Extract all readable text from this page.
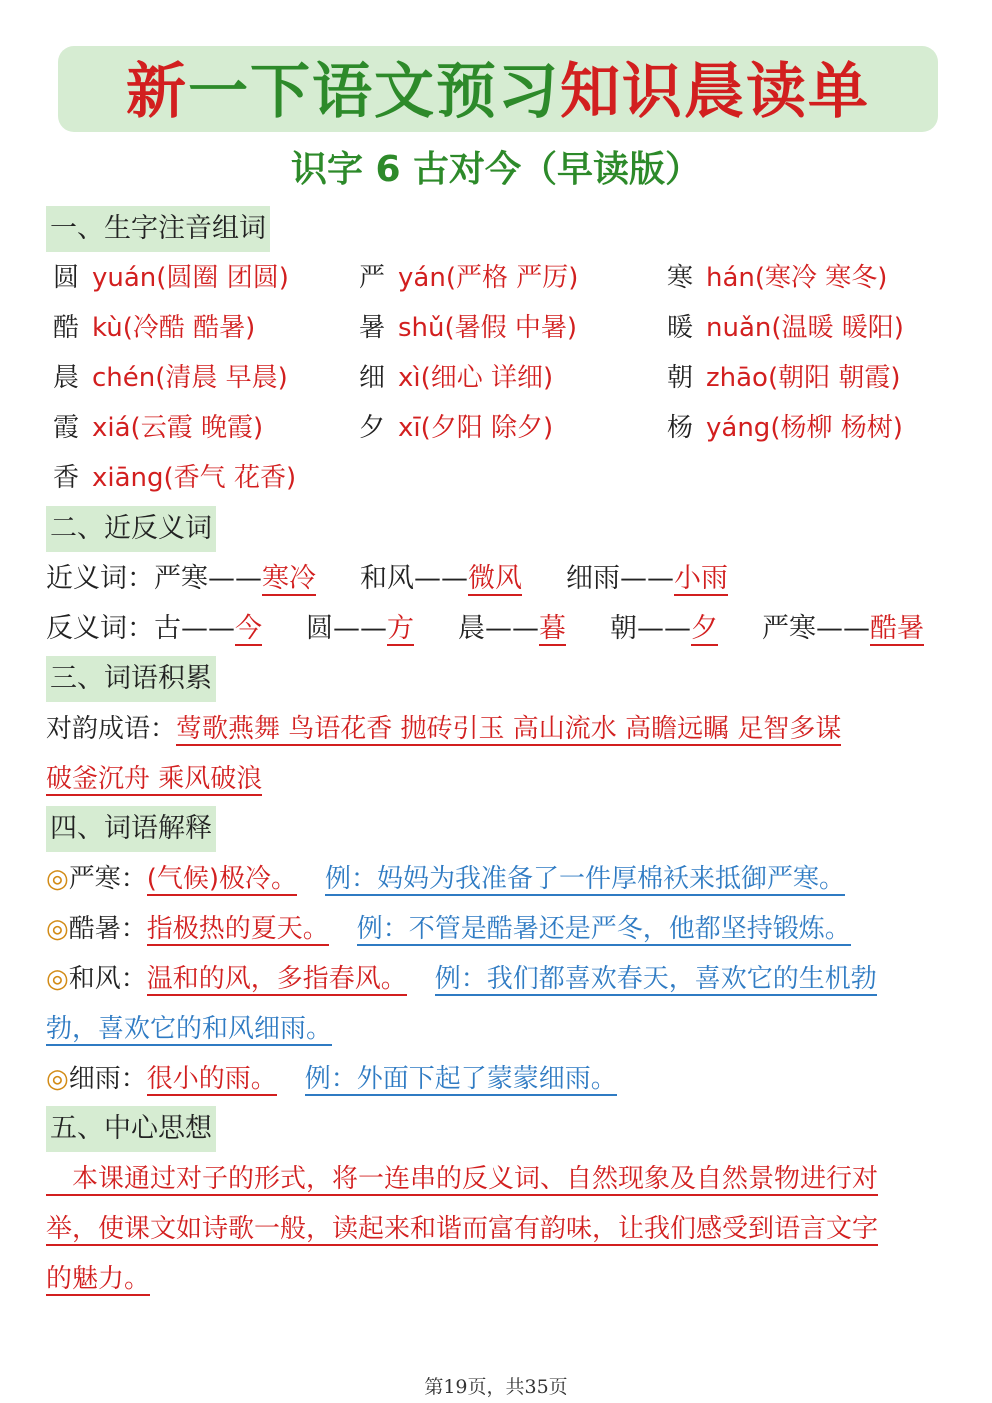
新一下语文预习知识晨读单
识字 6 古对今（早读版）
一、生字注音组词
圆 yuán(圆圈 团圆)	严 yán(严格 严厉)	寒 hán(寒冷 寒冬)
酷 kù(冷酷 酷暑)	暑 shǔ(暑假 中暑)	暖 nuǎn(温暖 暖阳)
晨 chén(清晨 早晨)	细 xì(细心 详细)	朝 zhāo(朝阳 朝霞)
霞 xiá(云霞 晚霞)	夕 xī(夕阳 除夕)	杨 yáng(杨柳 杨树)
香 xiāng(香气 花香)
二、近反义词
近义词：严寒——寒冷 和风——微风 细雨——小雨
反义词：古——今 圆——方 晨——暮 朝——夕 严寒——酷暑
三、词语积累
对韵成语：莺歌燕舞 鸟语花香 抛砖引玉 高山流水 高瞻远瞩 足智多谋
破釜沉舟 乘风破浪
四、词语解释
◎严寒：(气候)极冷。 例：妈妈为我准备了一件厚棉袄来抵御严寒。
◎酷暑：指极热的夏天。 例：不管是酷暑还是严冬，他都坚持锻炼。
◎和风：温和的风，多指春风。 例：我们都喜欢春天，喜欢它的生机勃
勃，喜欢它的和风细雨。
◎细雨：很小的雨。 例：外面下起了蒙蒙细雨。
五、中心思想
本课通过对子的形式，将一连串的反义词、自然现象及自然景物进行对
举，使课文如诗歌一般，读起来和谐而富有韵味，让我们感受到语言文字
的魅力。
第19页，共35页
